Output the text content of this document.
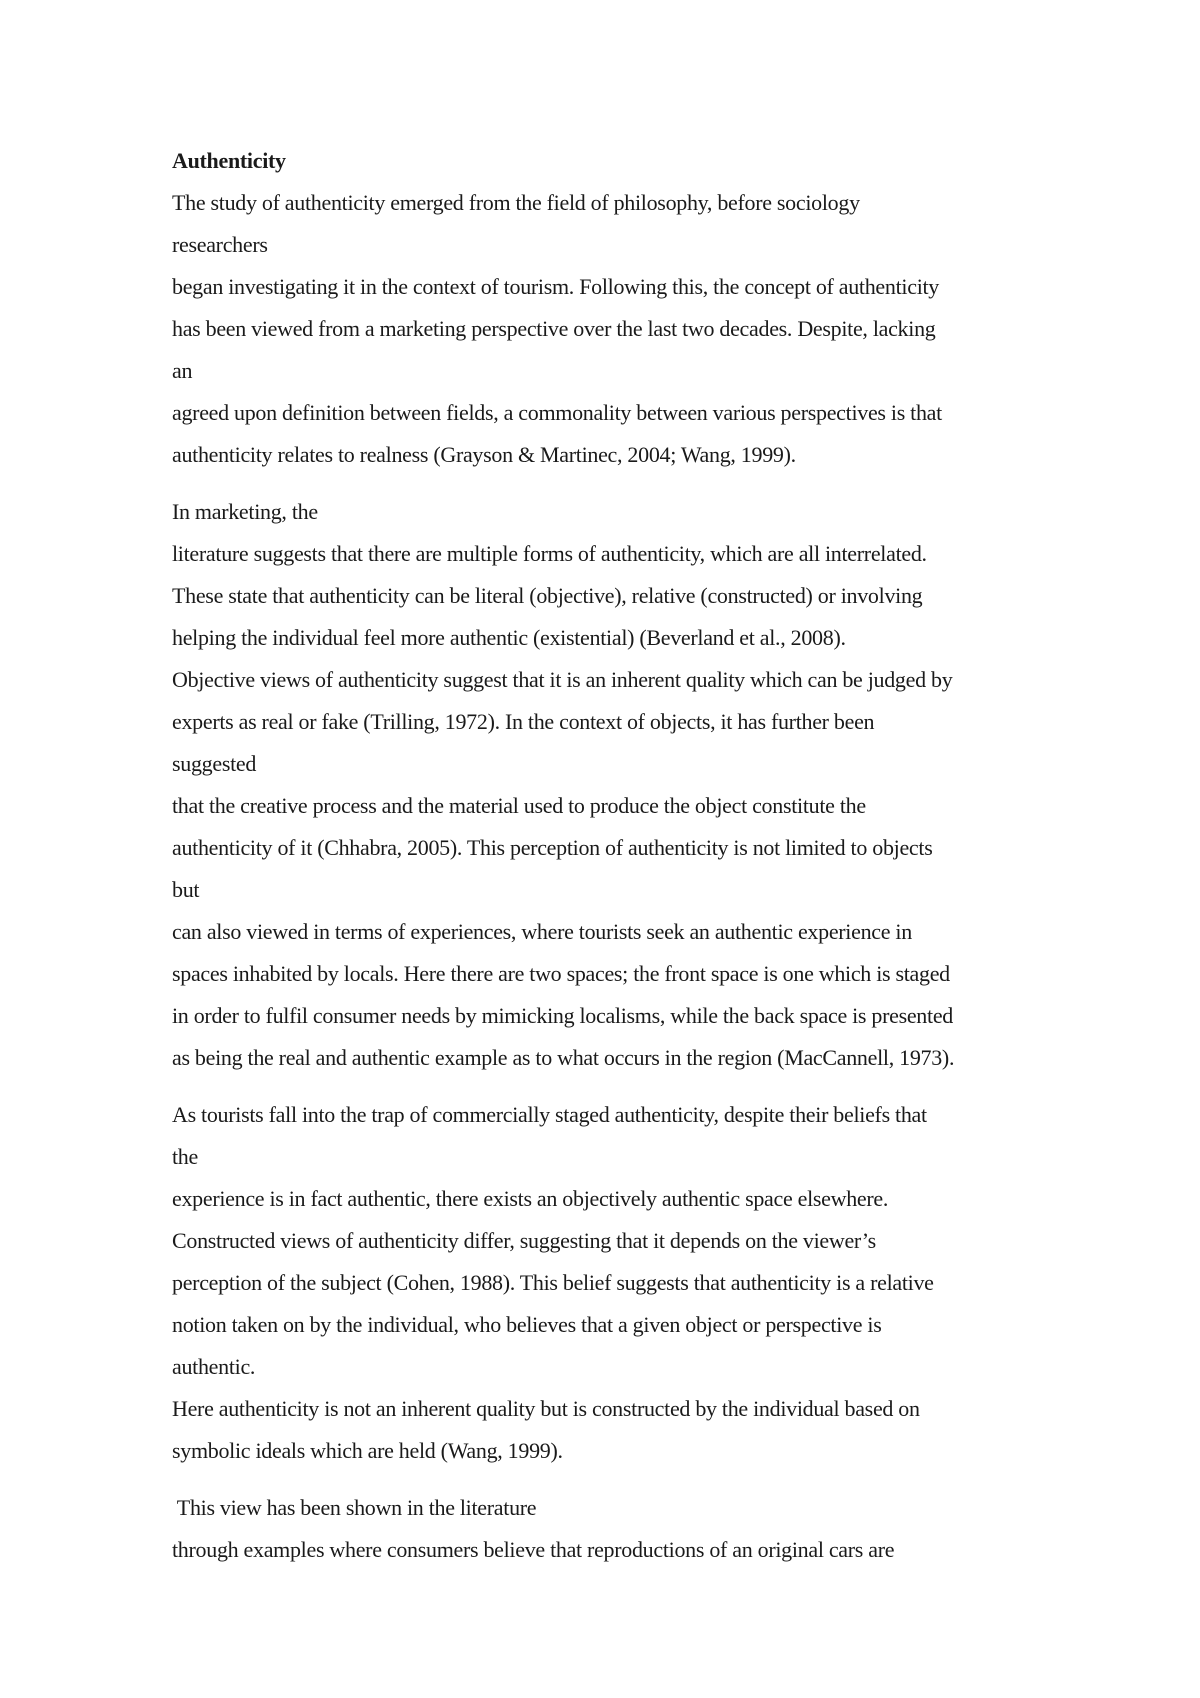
Authenticity
The study of authenticity emerged from the field of philosophy, before sociology
researchers
began investigating it in the context of tourism. Following this, the concept of authenticity
has been viewed from a marketing perspective over the last two decades. Despite, lacking
an
agreed upon definition between fields, a commonality between various perspectives is that
authenticity relates to realness (Grayson & Martinec, 2004; Wang, 1999).
In marketing, the
literature suggests that there are multiple forms of authenticity, which are all interrelated.
These state that authenticity can be literal (objective), relative (constructed) or involving
helping the individual feel more authentic (existential) (Beverland et al., 2008).
Objective views of authenticity suggest that it is an inherent quality which can be judged by
experts as real or fake (Trilling, 1972). In the context of objects, it has further been
suggested
that the creative process and the material used to produce the object constitute the
authenticity of it (Chhabra, 2005). This perception of authenticity is not limited to objects
but
can also viewed in terms of experiences, where tourists seek an authentic experience in
spaces inhabited by locals. Here there are two spaces; the front space is one which is staged
in order to fulfil consumer needs by mimicking localisms, while the back space is presented
as being the real and authentic example as to what occurs in the region (MacCannell, 1973).
As tourists fall into the trap of commercially staged authenticity, despite their beliefs that
the
experience is in fact authentic, there exists an objectively authentic space elsewhere.
Constructed views of authenticity differ, suggesting that it depends on the viewer’s
perception of the subject (Cohen, 1988). This belief suggests that authenticity is a relative
notion taken on by the individual, who believes that a given object or perspective is
authentic.
Here authenticity is not an inherent quality but is constructed by the individual based on
symbolic ideals which are held (Wang, 1999).
This view has been shown in the literature
through examples where consumers believe that reproductions of an original cars are
